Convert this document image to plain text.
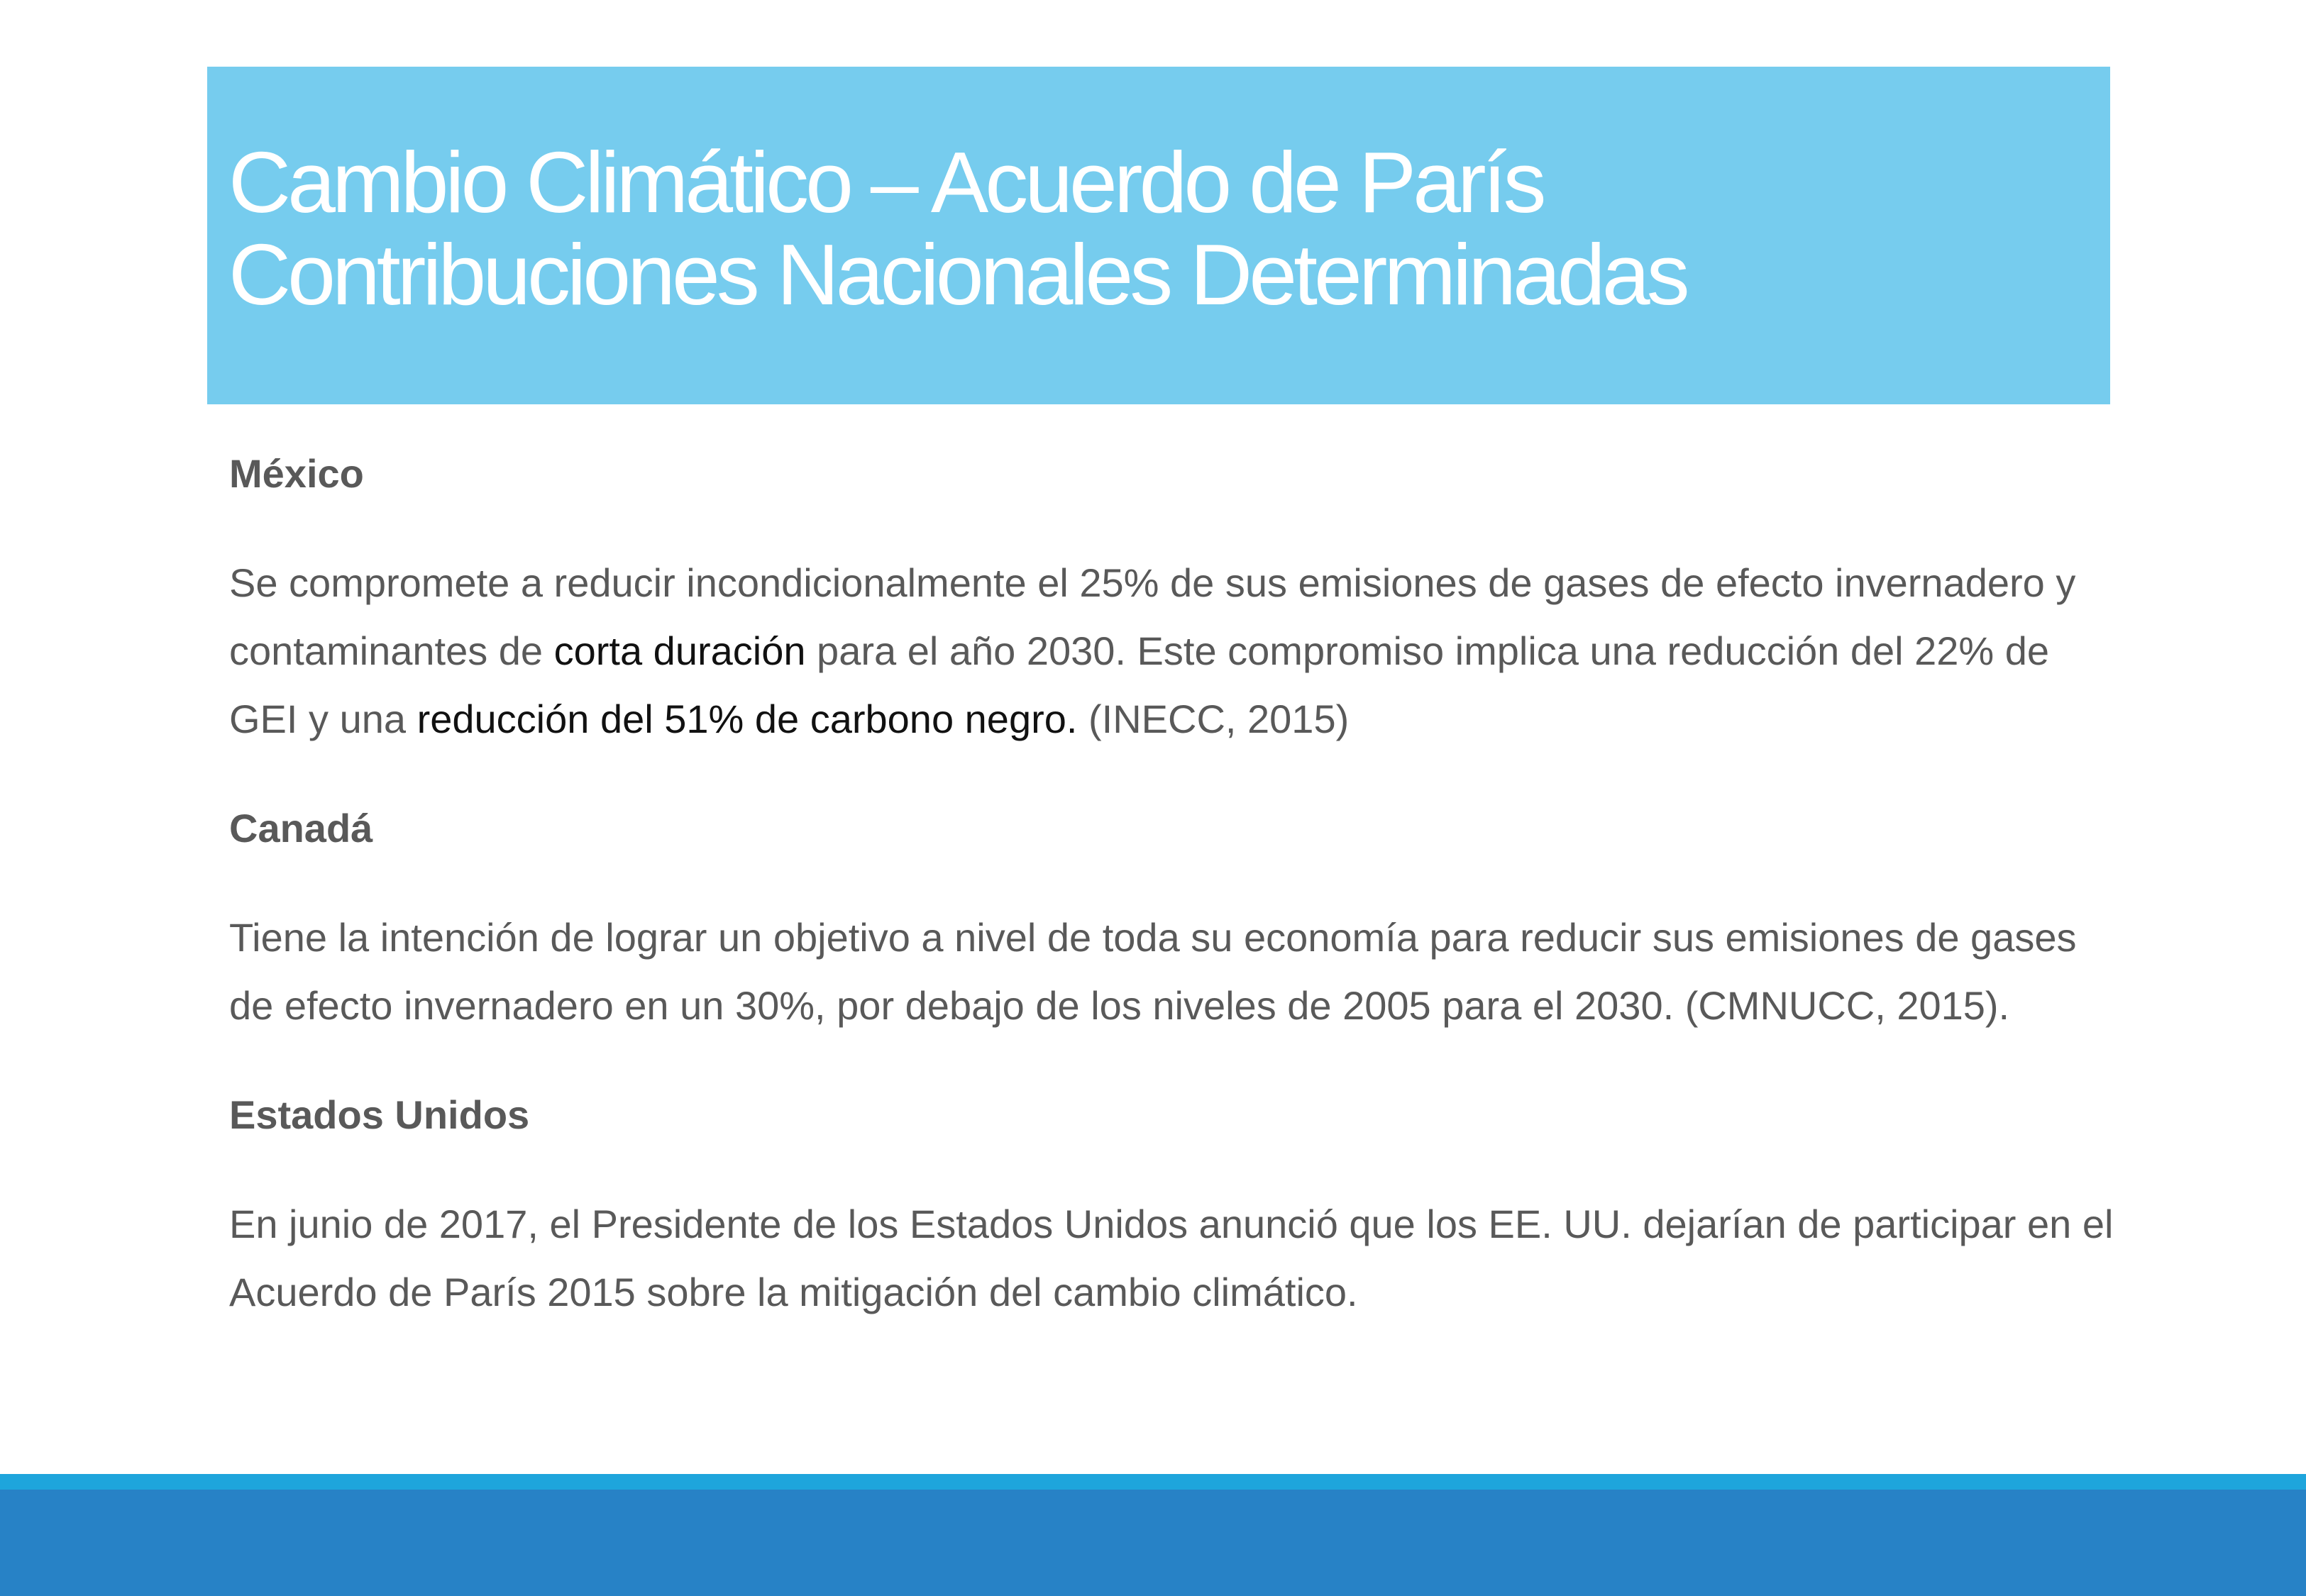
Cambio Climático – Acuerdo de París
Contribuciones Nacionales Determinadas
México

Se compromete a reducir incondicionalmente el 25% de sus emisiones de gases de efecto invernadero y contaminantes de corta duración para el año 2030. Este compromiso implica una reducción del 22% de GEI y una reducción del 51% de carbono negro. (INECC, 2015)

Canadá

Tiene la intención de lograr un objetivo a nivel de toda su economía para reducir sus emisiones de gases de efecto invernadero en un 30%, por debajo de los niveles de 2005 para el 2030. (CMNUCC, 2015).

Estados Unidos

En junio de 2017, el Presidente de los Estados Unidos anunció que los EE. UU. dejarían de participar en el Acuerdo de París 2015 sobre la mitigación del cambio climático.
